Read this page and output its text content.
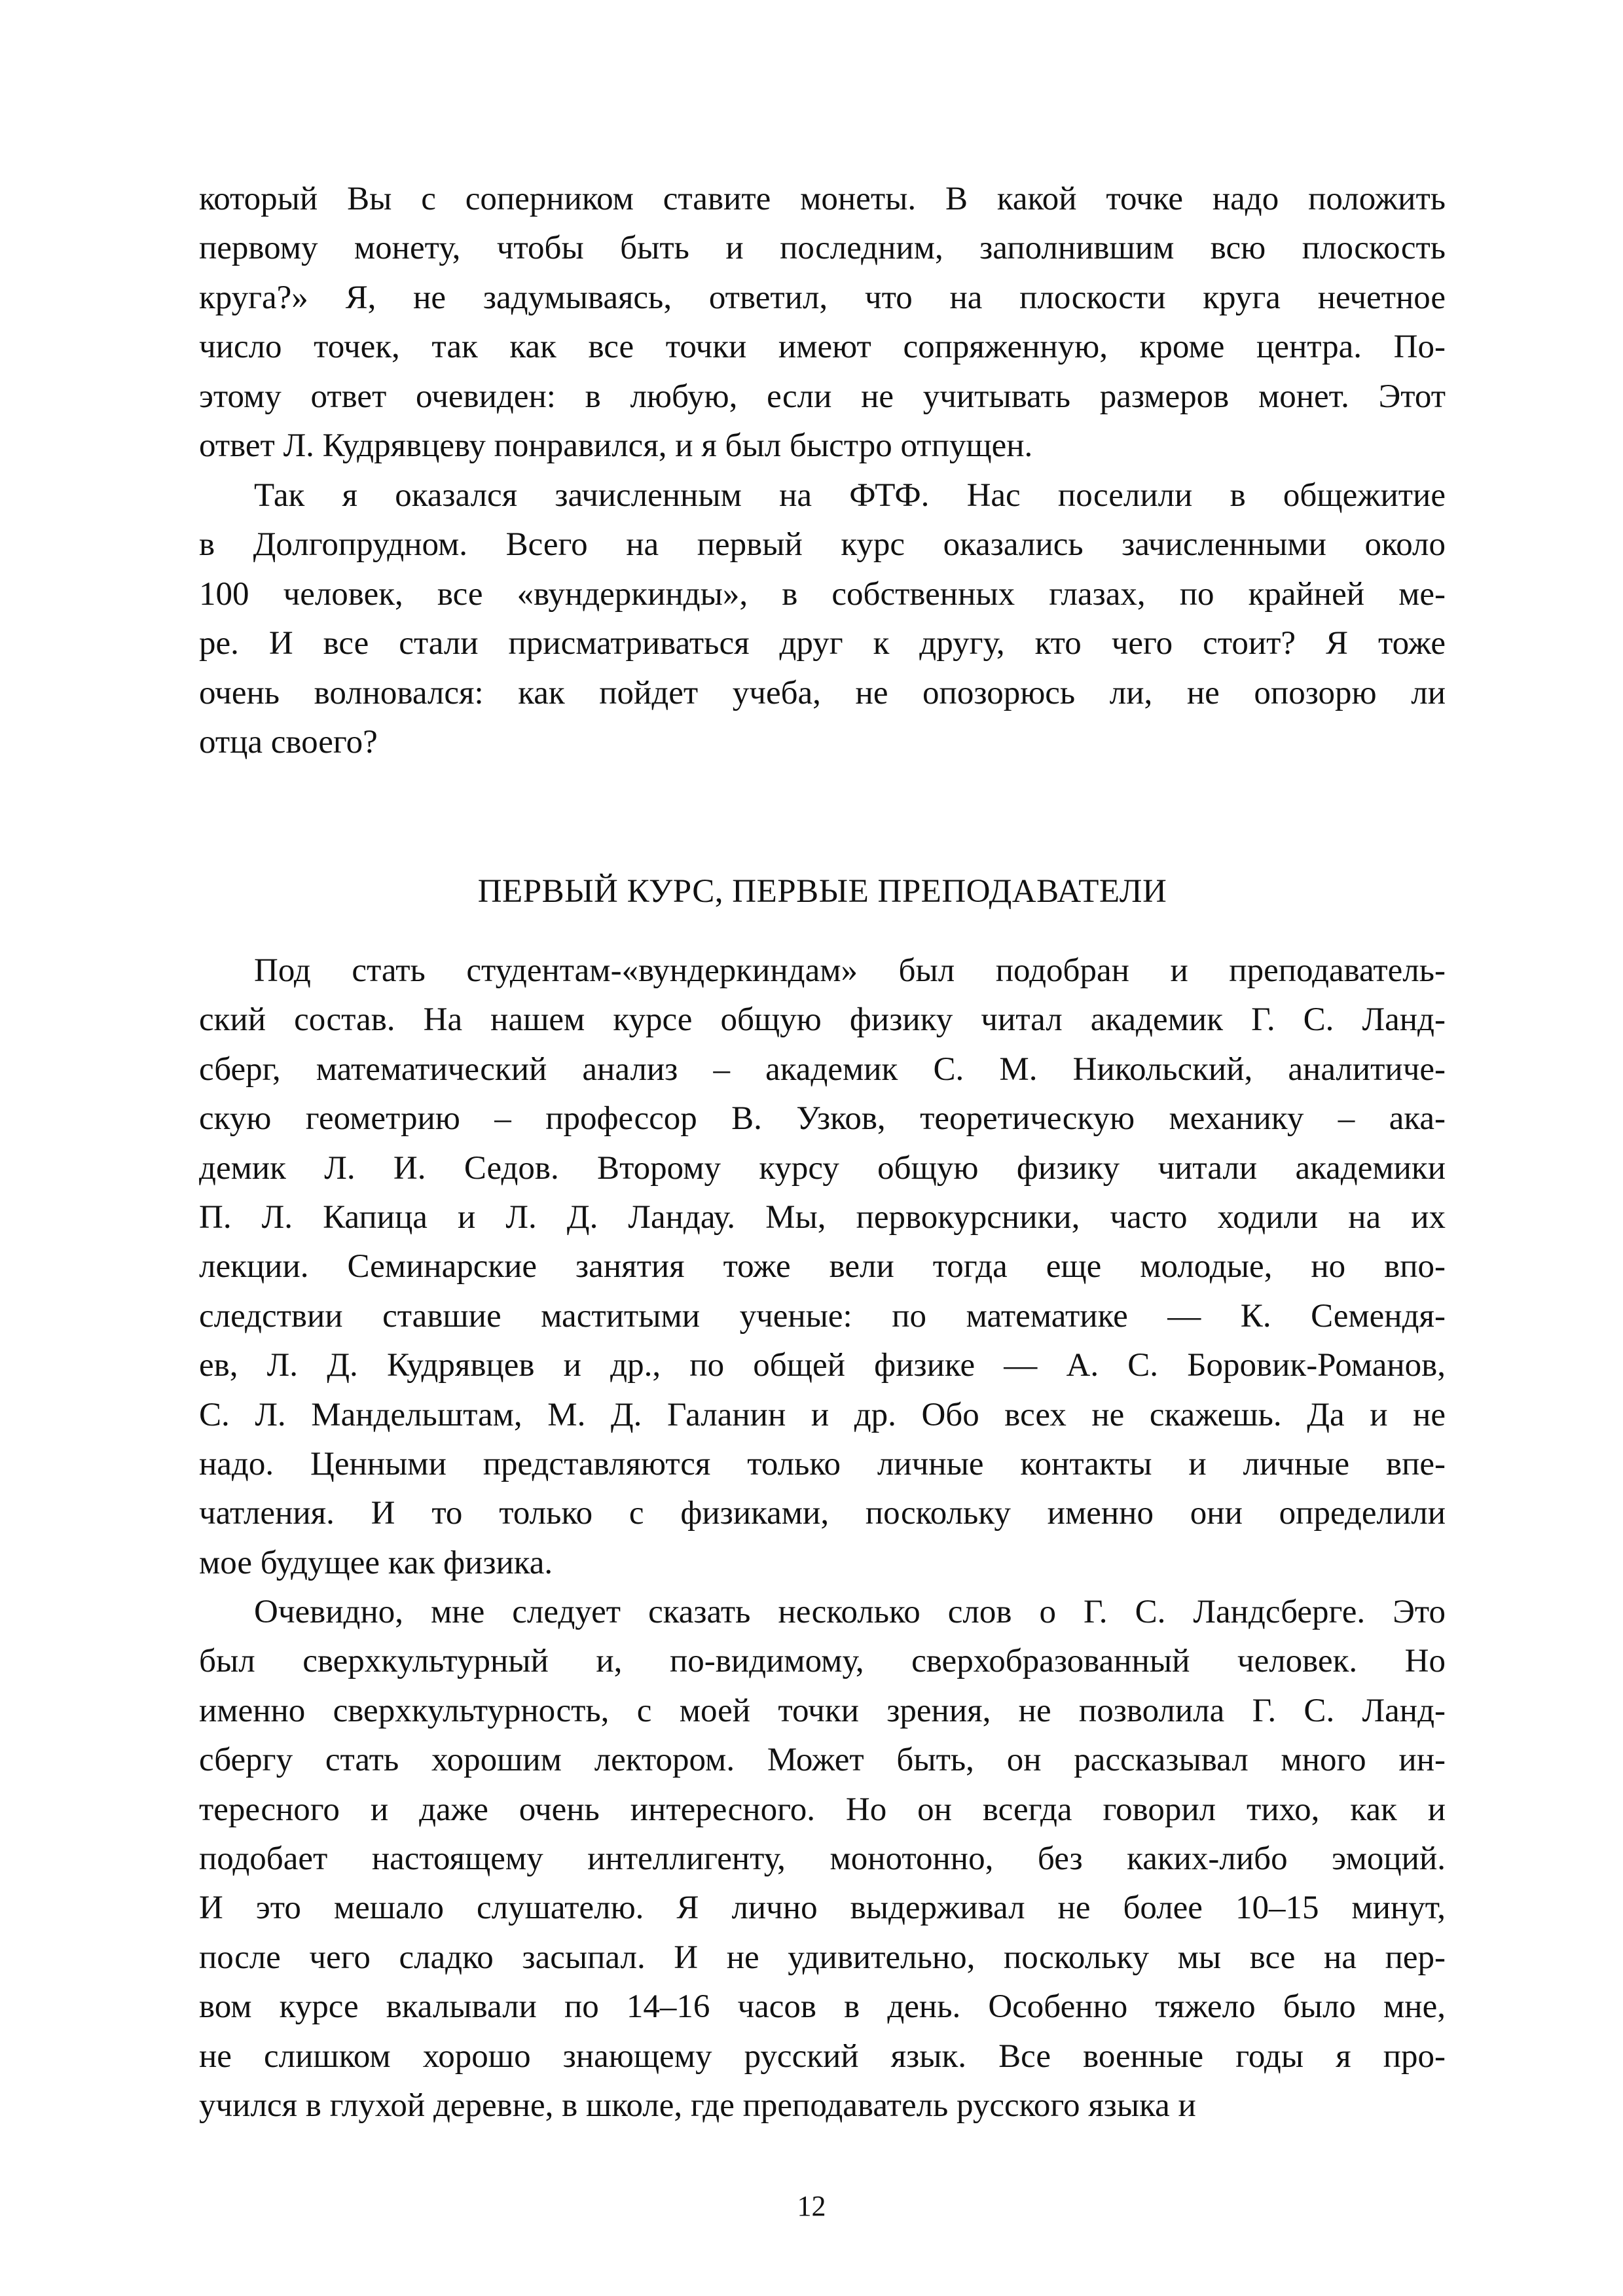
который Вы с соперником ставите монеты. В какой точке надо положить
первому монету, чтобы быть и последним, заполнившим всю плоскость
круга?» Я, не задумываясь, ответил, что на плоскости круга нечетное
число точек, так как все точки имеют сопряженную, кроме центра. По-
этому ответ очевиден: в любую, если не учитывать размеров монет. Этот
ответ Л. Кудрявцеву понравился, и я был быстро отпущен.
Так я оказался зачисленным на ФТФ. Нас поселили в общежитие
в Долгопрудном. Всего на первый курс оказались зачисленными около
100 человек, все «вундеркинды», в собственных глазах, по крайней ме-
ре. И все стали присматриваться друг к другу, кто чего стоит? Я тоже
очень волновался: как пойдет учеба, не опозорюсь ли, не опозорю ли
отца своего?
Под стать студентам-«вундеркиндам» был подобран и преподаватель-
ский состав. На нашем курсе общую физику читал академик Г. С. Ланд-
сберг, математический анализ – академик С. М. Никольский, аналитиче-
скую геометрию – профессор В. Узков, теоретическую механику – ака-
демик Л. И. Седов. Второму курсу общую физику читали академики
П. Л. Капица и Л. Д. Ландау. Мы, первокурсники, часто ходили на их
лекции. Семинарские занятия тоже вели тогда еще молодые, но впо-
следствии ставшие маститыми ученые: по математике — К. Семендя-
ев, Л. Д. Кудрявцев и др., по общей физике — А. С. Боровик-Романов,
С. Л. Мандельштам, М. Д. Галанин и др. Обо всех не скажешь. Да и не
надо. Ценными представляются только личные контакты и личные впе-
чатления. И то только с физиками, поскольку именно они определили
мое будущее как физика.
Очевидно, мне следует сказать несколько слов о Г. С. Ландсберге. Это
был сверхкультурный и, по-видимому, сверхобразованный человек. Но
именно сверхкультурность, с моей точки зрения, не позволила Г. С. Ланд-
сбергу стать хорошим лектором. Может быть, он рассказывал много ин-
тересного и даже очень интересного. Но он всегда говорил тихо, как и
подобает настоящему интеллигенту, монотонно, без каких-либо эмоций.
И это мешало слушателю. Я лично выдерживал не более 10–15 минут,
после чего сладко засыпал. И не удивительно, поскольку мы все на пер-
вом курсе вкалывали по 14–16 часов в день. Особенно тяжело было мне,
не слишком хорошо знающему русский язык. Все военные годы я про-
учился в глухой деревне, в школе, где преподаватель русского языка и
ПЕРВЫЙ КУРС, ПЕРВЫЕ ПРЕПОДАВАТЕЛИ
12
